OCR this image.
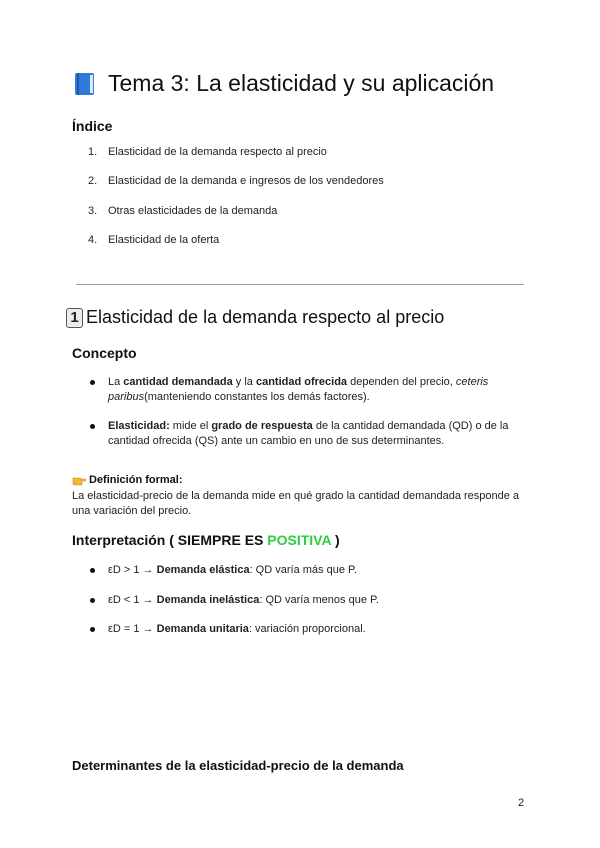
Tema 3: La elasticidad y su aplicación
Índice
1. Elasticidad de la demanda respecto al precio
2. Elasticidad de la demanda e ingresos de los vendedores
3. Otras elasticidades de la demanda
4. Elasticidad de la oferta
1 Elasticidad de la demanda respecto al precio
Concepto
La cantidad demandada y la cantidad ofrecida dependen del precio, ceteris paribus(manteniendo constantes los demás factores).
Elasticidad: mide el grado de respuesta de la cantidad demandada (QD) o de la cantidad ofrecida (QS) ante un cambio en uno de sus determinantes.
Definición formal:
La elasticidad-precio de la demanda mide en qué grado la cantidad demandada responde a una variación del precio.
Interpretación ( SIEMPRE ES POSITIVA )
εD > 1 → Demanda elástica: QD varía más que P.
εD < 1 → Demanda inelástica: QD varía menos que P.
εD = 1 → Demanda unitaria: variación proporcional.
Determinantes de la elasticidad-precio de la demanda
2
